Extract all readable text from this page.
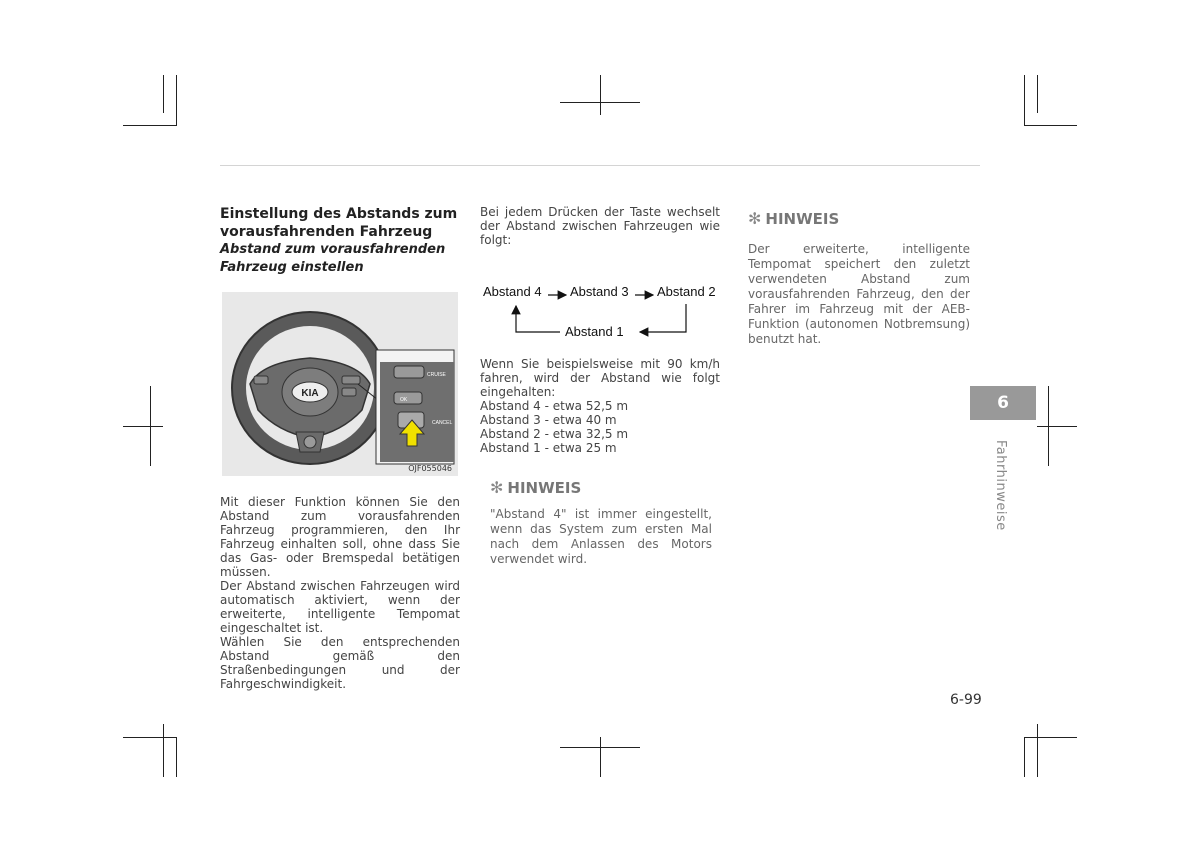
Einstellung des Abstands zum vorausfahrenden Fahrzeug

Abstand zum vorausfahrenden Fahrzeug einstellen

KIA
CRUISE
OK
CANCEL
OJF055046

Mit dieser Funktion können Sie den Abstand zum vorausfahrenden Fahrzeug programmieren, den Ihr Fahrzeug einhalten soll, ohne dass Sie das Gas- oder Bremspedal betätigen müssen.

Der Abstand zwischen Fahrzeugen wird automatisch aktiviert, wenn der erweiterte, intelligente Tempomat eingeschaltet ist.

Wählen Sie den entsprechenden Abstand gemäß den Straßenbedingungen und der Fahrgeschwindigkeit.

Bei jedem Drücken der Taste wechselt der Abstand zwischen Fahrzeugen wie folgt:

Abstand 4 Abstand 3 Abstand 2
Abstand 1

Wenn Sie beispielsweise mit 90 km/h fahren, wird der Abstand wie folgt eingehalten:

Abstand 4 - etwa 52,5 m

Abstand 3 - etwa 40 m

Abstand 2 - etwa 32,5 m

Abstand 1 - etwa 25 m

✻ HINWEIS

"Abstand 4" ist immer eingestellt, wenn das System zum ersten Mal nach dem Anlassen des Motors verwendet wird.

✻ HINWEIS

Der erweiterte, intelligente Tempomat speichert den zuletzt verwendeten Abstand zum vorausfahrenden Fahrzeug, den der Fahrer im Fahrzeug mit der AEB-Funktion (autonomen Notbremsung) benutzt hat.

6
Fahrhinweise
6-99
